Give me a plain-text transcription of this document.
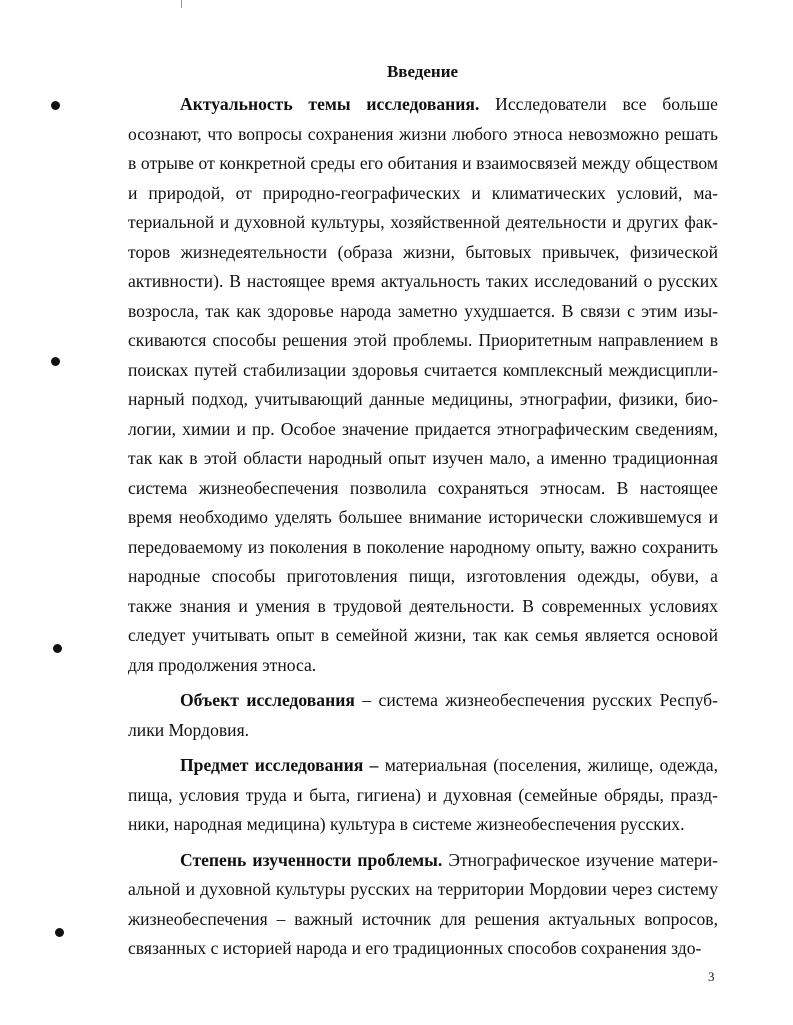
Введение

Актуальность темы исследования. Исследователи все больше осознают, что вопросы сохранения жизни любого этноса невозможно решать в отрыве от конкретной среды его обитания и взаимосвязей между обществом и природой, от природно-географических и климатических условий, материальной и духовной культуры, хозяйственной деятельности и других факторов жизнедеятельности (образа жизни, бытовых привычек, физической активности). В настоящее время актуальность таких исследований о русских возросла, так как здоровье народа заметно ухудшается. В связи с этим изыскиваются способы решения этой проблемы. Приоритетным направлением в поисках путей стабилизации здоровья считается комплексный междисциплинарный подход, учитывающий данные медицины, этнографии, физики, биологии, химии и пр. Особое значение придается этнографическим сведениям, так как в этой области народный опыт изучен мало, а именно традиционная система жизнеобеспечения позволила сохраняться этносам. В настоящее время необходимо уделять большее внимание исторически сложившемуся и передоваемому из поколения в поколение народному опыту, важно сохранить народные способы приготовления пищи, изготовления одежды, обуви, а также знания и умения в трудовой деятельности. В современных условиях следует учитывать опыт в семейной жизни, так как семья является основой для продолжения этноса.

Объект исследования – система жизнеобеспечения русских Республики Мордовия.

Предмет исследования – материальная (поселения, жилище, одежда, пища, условия труда и быта, гигиена) и духовная (семейные обряды, праздники, народная медицина) культура в системе жизнеобеспечения русских.

Степень изученности проблемы. Этнографическое изучение материальной и духовной культуры русских на территории Мордовии через систему жизнеобеспечения – важный источник для решения актуальных вопросов, связанных с историей народа и его традиционных способов сохранения здо-

3
